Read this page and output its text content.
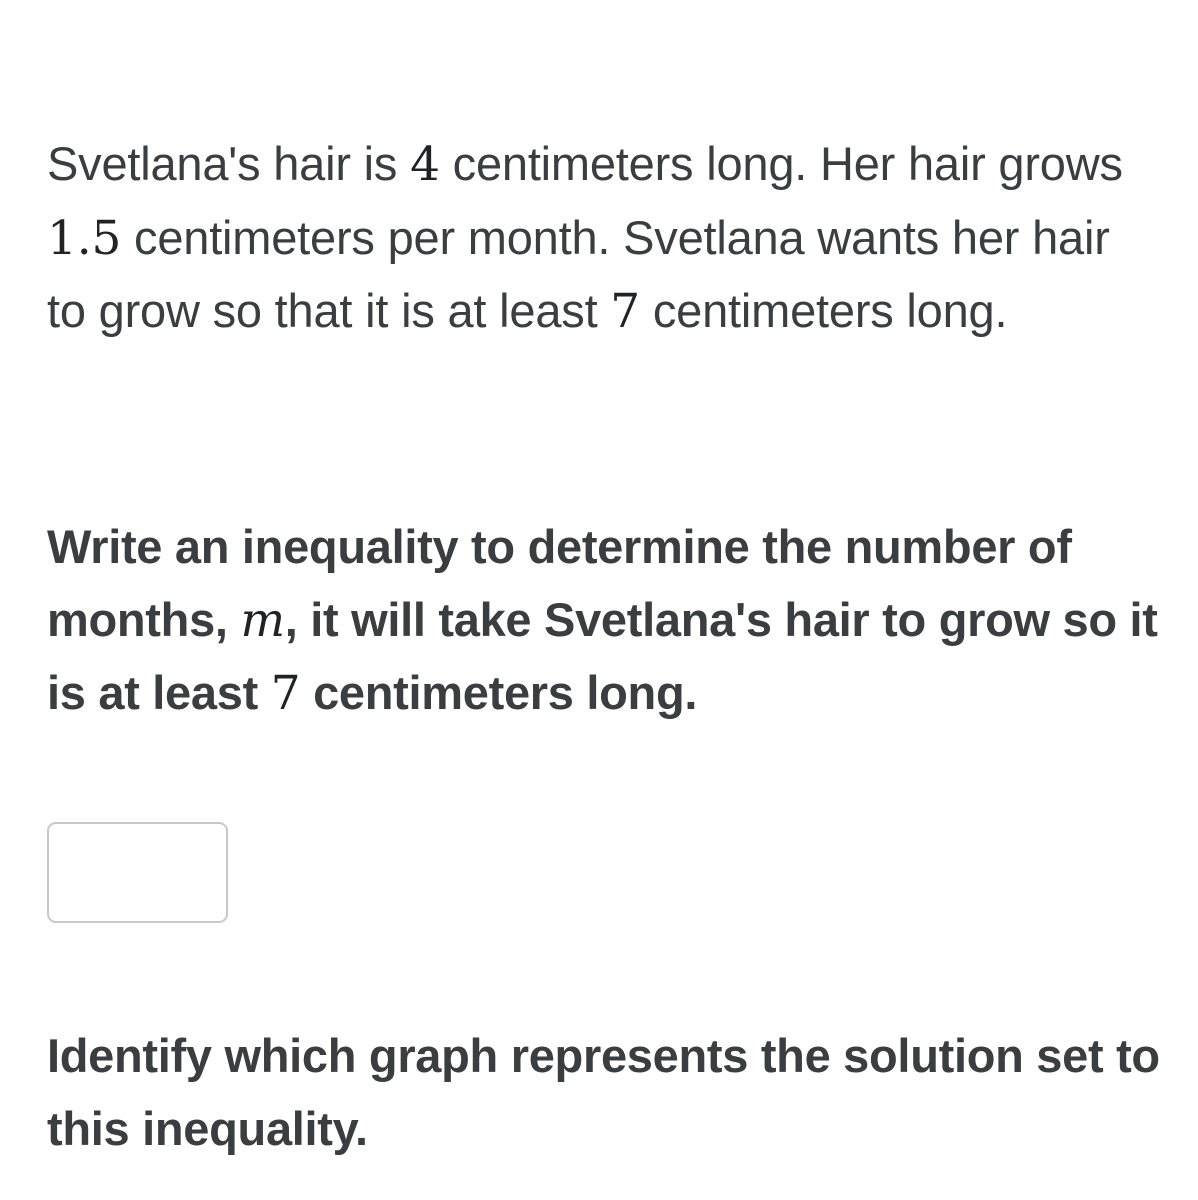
Svetlana's hair is 4 centimeters long. Her hair grows 1.5 centimeters per month. Svetlana wants her hair to grow so that it is at least 7 centimeters long.
Write an inequality to determine the number of months, m, it will take Svetlana's hair to grow so it is at least 7 centimeters long.
Identify which graph represents the solution set to this inequality.
